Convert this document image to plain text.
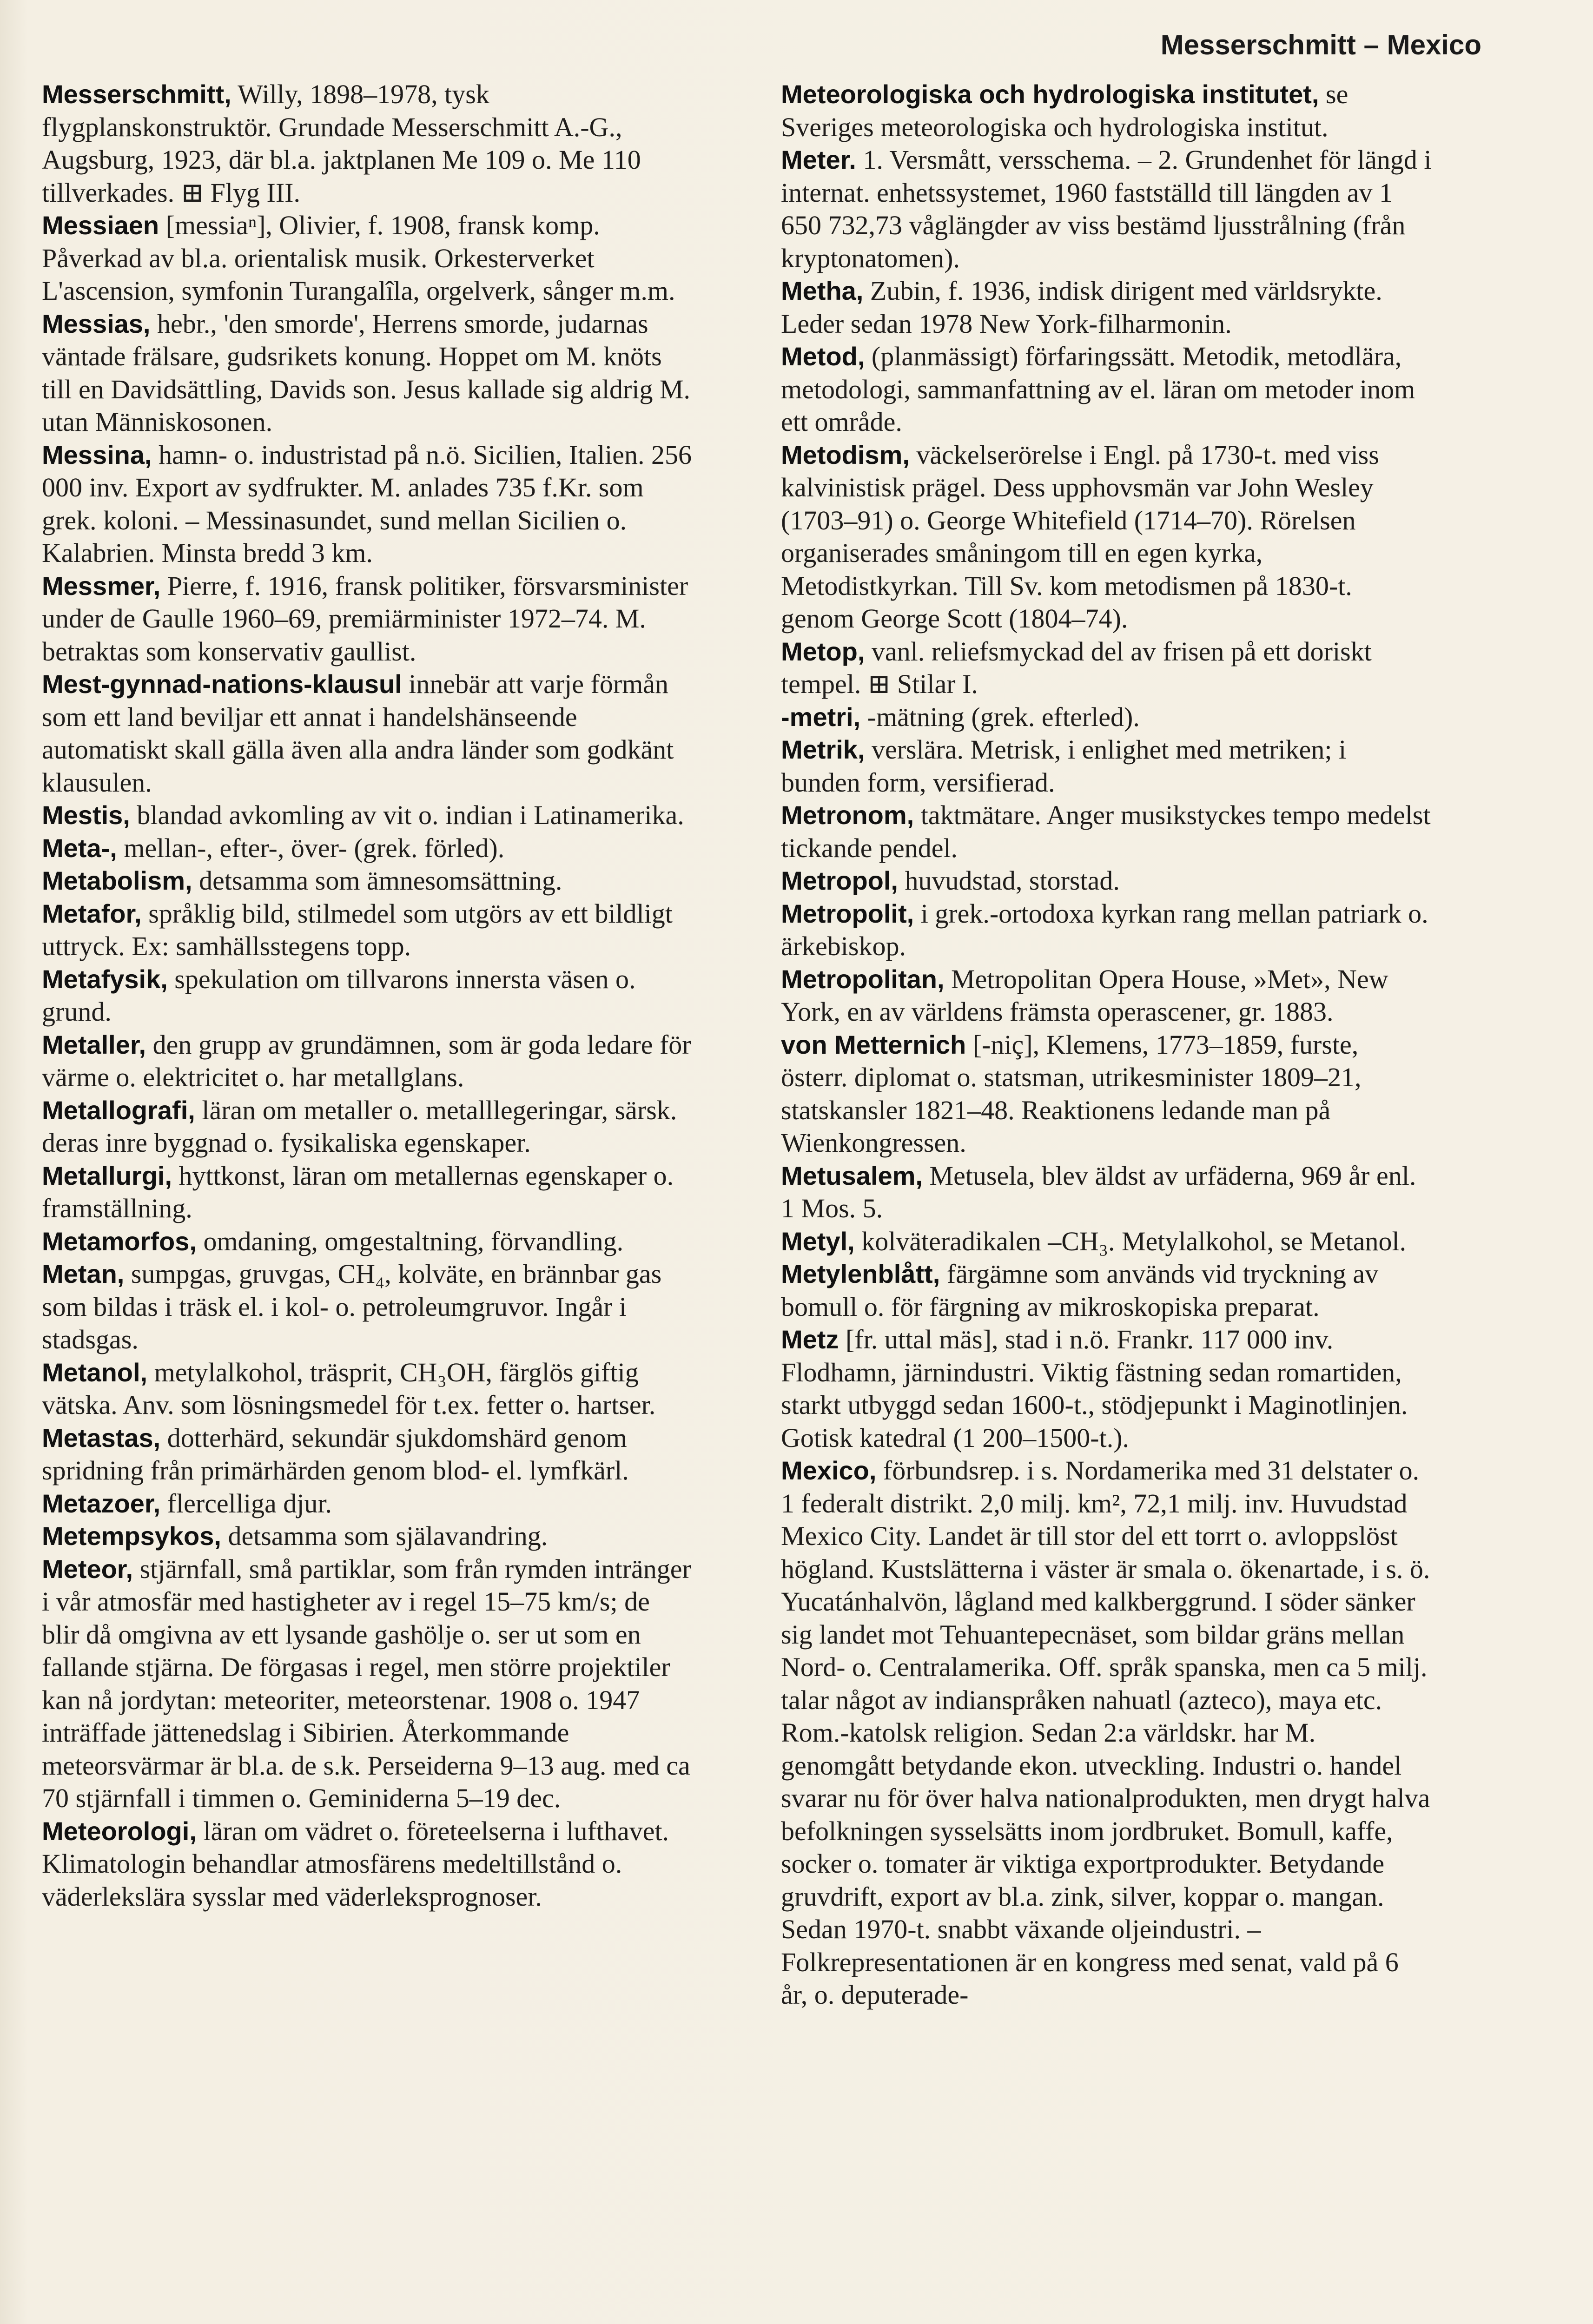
Messerschmitt – Mexico

Messerschmitt, Willy, 1898–1978, tysk flygplanskonstruktör. Grundade Messerschmitt A.-G., Augsburg, 1923, där bl.a. jaktplanen Me 109 o. Me 110 tillverkades. ⊞ Flyg III.

Messiaen [messiaⁿ], Olivier, f. 1908, fransk komp. Påverkad av bl.a. orientalisk musik. Orkesterverket L'ascension, symfonin Turangalîla, orgelverk, sånger m.m.

Messias, hebr., 'den smorde', Herrens smorde, judarnas väntade frälsare, gudsrikets konung. Hoppet om M. knöts till en Davidsättling, Davids son. Jesus kallade sig aldrig M. utan Människosonen.

Messina, hamn- o. industristad på n.ö. Sicilien, Italien. 256 000 inv. Export av sydfrukter. M. anlades 735 f.Kr. som grek. koloni. – Messinasundet, sund mellan Sicilien o. Kalabrien. Minsta bredd 3 km.

Messmer, Pierre, f. 1916, fransk politiker, försvarsminister under de Gaulle 1960–69, premiärminister 1972–74. M. betraktas som konservativ gaullist.

Mest-gynnad-nations-klausul innebär att varje förmån som ett land beviljar ett annat i handelshänseende automatiskt skall gälla även alla andra länder som godkänt klausulen.

Mestis, blandad avkomling av vit o. indian i Latinamerika.

Meta-, mellan-, efter-, över- (grek. förled).

Metabolism, detsamma som ämnesomsättning.

Metafor, språklig bild, stilmedel som utgörs av ett bildligt uttryck. Ex: samhällsstegens topp.

Metafysik, spekulation om tillvarons innersta väsen o. grund.

Metaller, den grupp av grundämnen, som är goda ledare för värme o. elektricitet o. har metallglans.

Metallografi, läran om metaller o. metalllegeringar, särsk. deras inre byggnad o. fysikaliska egenskaper.

Metallurgi, hyttkonst, läran om metallernas egenskaper o. framställning.

Metamorfos, omdaning, omgestaltning, förvandling.

Metan, sumpgas, gruvgas, CH₄, kolväte, en brännbar gas som bildas i träsk el. i kol- o. petroleumgruvor. Ingår i stadsgas.

Metanol, metylalkohol, träsprit, CH₃OH, färglös giftig vätska. Anv. som lösningsmedel för t.ex. fetter o. hartser.

Metastas, dotterhärd, sekundär sjukdomshärd genom spridning från primärhärden genom blod- el. lymfkärl.

Metazoer, flercelliga djur.

Metempsykos, detsamma som själavandring.

Meteor, stjärnfall, små partiklar, som från rymden intränger i vår atmosfär med hastigheter av i regel 15–75 km/s; de blir då omgivna av ett lysande gashölje o. ser ut som en fallande stjärna. De förgasas i regel, men större projektiler kan nå jordytan: meteoriter, meteorstenar. 1908 o. 1947 inträffade jättenedslag i Sibirien. Återkommande meteorsvärmar är bl.a. de s.k. Perseiderna 9–13 aug. med ca 70 stjärnfall i timmen o. Geminiderna 5–19 dec.

Meteorologi, läran om vädret o. företeelserna i lufthavet. Klimatologin behandlar atmosfärens medeltillstånd o. väderlekslära sysslar med väderleksprognoser.

Meteorologiska och hydrologiska institutet, se Sveriges meteorologiska och hydrologiska institut.

Meter. 1. Versmått, versschema. – 2. Grundenhet för längd i internat. enhetssystemet, 1960 fastställd till längden av 1 650 732,73 våglängder av viss bestämd ljusstrålning (från kryptonatomen).

Metha, Zubin, f. 1936, indisk dirigent med världsrykte. Leder sedan 1978 New York-filharmonin.

Metod, (planmässigt) förfaringssätt. Metodik, metodlära, metodologi, sammanfattning av el. läran om metoder inom ett område.

Metodism, väckelserörelse i Engl. på 1730-t. med viss kalvinistisk prägel. Dess upphovsmän var John Wesley (1703–91) o. George Whitefield (1714–70). Rörelsen organiserades småningom till en egen kyrka, Metodistkyrkan. Till Sv. kom metodismen på 1830-t. genom George Scott (1804–74).

Metop, vanl. reliefsmyckad del av frisen på ett doriskt tempel. ⊞ Stilar I.

-metri, -mätning (grek. efterled).

Metrik, verslära. Metrisk, i enlighet med metriken; i bunden form, versifierad.

Metronom, taktmätare. Anger musikstyckes tempo medelst tickande pendel.

Metropol, huvudstad, storstad.

Metropolit, i grek.-ortodoxa kyrkan rang mellan patriark o. ärkebiskop.

Metropolitan, Metropolitan Opera House, »Met», New York, en av världens främsta operascener, gr. 1883.

von Metternich [-niç], Klemens, 1773–1859, furste, österr. diplomat o. statsman, utrikesminister 1809–21, statskansler 1821–48. Reaktionens ledande man på Wienkongressen.

Metusalem, Metusela, blev äldst av urfäderna, 969 år enl. 1 Mos. 5.

Metyl, kolväteradikalen –CH₃. Metylalkohol, se Metanol.

Metylenblått, färgämne som används vid tryckning av bomull o. för färgning av mikroskopiska preparat.

Metz [fr. uttal mäs], stad i n.ö. Frankr. 117 000 inv. Flodhamn, järnindustri. Viktig fästning sedan romartiden, starkt utbyggd sedan 1600-t., stödjepunkt i Maginotlinjen. Gotisk katedral (1 200–1500-t.).

Mexico, förbundsrep. i s. Nordamerika med 31 delstater o. 1 federalt distrikt. 2,0 milj. km², 72,1 milj. inv. Huvudstad Mexico City. Landet är till stor del ett torrt o. avloppslöst högland. Kustslätterna i väster är smala o. ökenartade, i s. ö. Yucatánhalvön, lågland med kalkberggrund. I söder sänker sig landet mot Tehuantepecnäset, som bildar gräns mellan Nord- o. Centralamerika. Off. språk spanska, men ca 5 milj. talar något av indianspråken nahuatl (azteco), maya etc. Rom.-katolsk religion. Sedan 2:a världskr. har M. genomgått betydande ekon. utveckling. Industri o. handel svarar nu för över halva nationalprodukten, men drygt halva befolkningen sysselsätts inom jordbruket. Bomull, kaffe, socker o. tomater är viktiga exportprodukter. Betydande gruvdrift, export av bl.a. zink, silver, koppar o. mangan. Sedan 1970-t. snabbt växande oljeindustri. – Folkrepresentationen är en kongress med senat, vald på 6 år, o. deputerade-
